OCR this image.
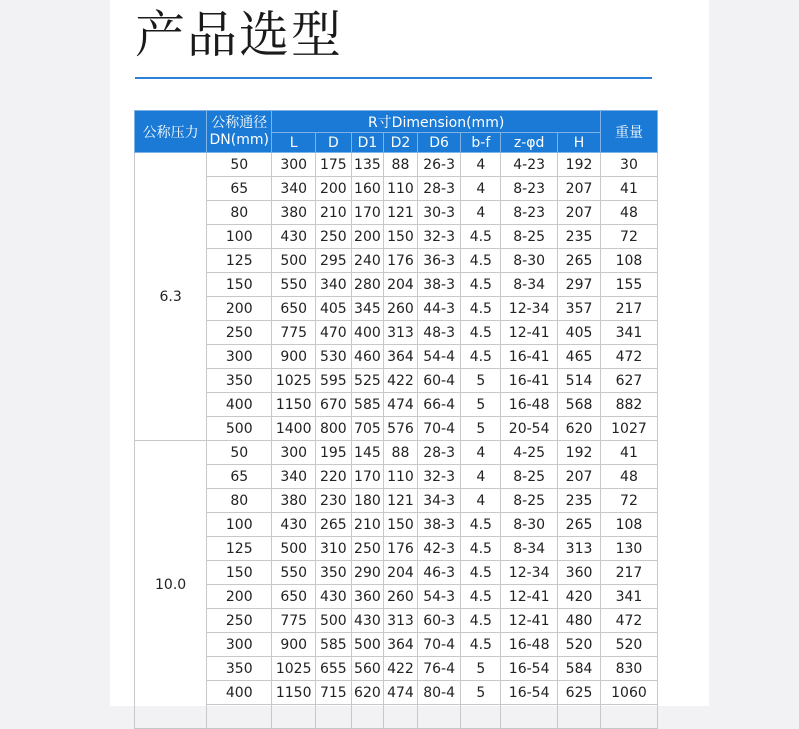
产品选型
公称压力	公称通径
DN(mm)	R寸Dimension(mm)								重量
		L	D	D1	D2	D6	b-f	z-φd	H	
6.3	50	300	175	135	88	26-3	4	4-23	192	30
	65	340	200	160	110	28-3	4	8-23	207	41
	80	380	210	170	121	30-3	4	8-23	207	48
	100	430	250	200	150	32-3	4.5	8-25	235	72
	125	500	295	240	176	36-3	4.5	8-30	265	108
	150	550	340	280	204	38-3	4.5	8-34	297	155
	200	650	405	345	260	44-3	4.5	12-34	357	217
	250	775	470	400	313	48-3	4.5	12-41	405	341
	300	900	530	460	364	54-4	4.5	16-41	465	472
	350	1025	595	525	422	60-4	5	16-41	514	627
	400	1150	670	585	474	66-4	5	16-48	568	882
	500	1400	800	705	576	70-4	5	20-54	620	1027
10.0	50	300	195	145	88	28-3	4	4-25	192	41
	65	340	220	170	110	32-3	4	8-25	207	48
	80	380	230	180	121	34-3	4	8-25	235	72
	100	430	265	210	150	38-3	4.5	8-30	265	108
	125	500	310	250	176	42-3	4.5	8-34	313	130
	150	550	350	290	204	46-3	4.5	12-34	360	217
	200	650	430	360	260	54-3	4.5	12-41	420	341
	250	775	500	430	313	60-3	4.5	12-41	480	472
	300	900	585	500	364	70-4	4.5	16-48	520	520
	350	1025	655	560	422	76-4	5	16-54	584	830
	400	1150	715	620	474	80-4	5	16-54	625	1060
